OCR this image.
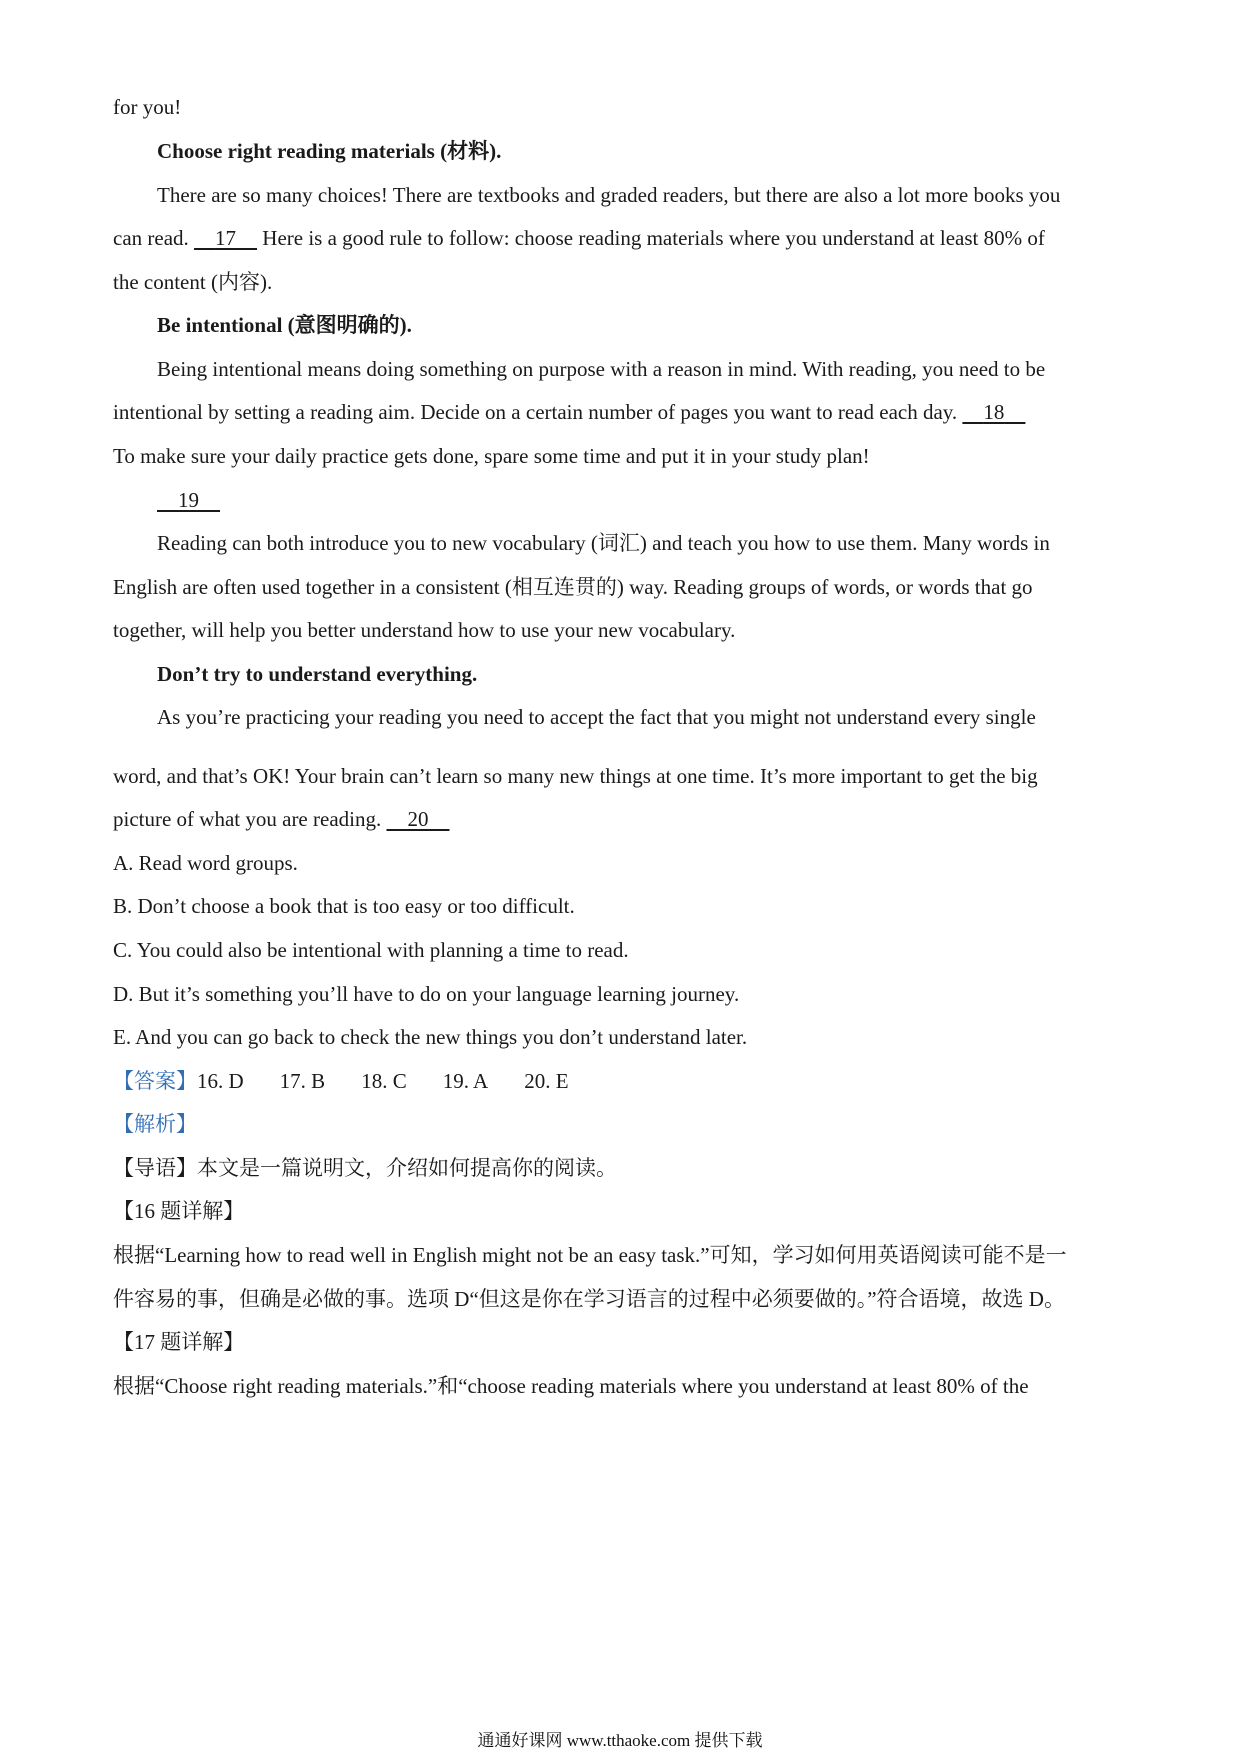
for you!
Choose right reading materials (材料).
There are so many choices! There are textbooks and graded readers, but there are also a lot more books you
can read.     17     Here is a good rule to follow: choose reading materials where you understand at least 80% of
the content (内容).
Be intentional (意图明确的).
Being intentional means doing something on purpose with a reason in mind. With reading, you need to be
intentional by setting a reading aim. Decide on a certain number of pages you want to read each day.     18
To make sure your daily practice gets done, spare some time and put it in your study plan!
19
Reading can both introduce you to new vocabulary (词汇) and teach you how to use them. Many words in
English are often used together in a consistent (相互连贯的) way. Reading groups of words, or words that go
together, will help you better understand how to use your new vocabulary.
Don’t try to understand everything.
As you’re practicing your reading you need to accept the fact that you might not understand every single
word, and that’s OK! Your brain can’t learn so many new things at one time. It’s more important to get the big
picture of what you are reading.     20
A. Read word groups.
B. Don’t choose a book that is too easy or too difficult.
C. You could also be intentional with planning a time to read.
D. But it’s something you’ll have to do on your language learning journey.
E. And you can go back to check the new things you don’t understand later.
【答案】16. D 17. B 18. C 19. A 20. E
【解析】
【导语】本文是一篇说明文，介绍如何提高你的阅读。
【16 题详解】
根据“Learning how to read well in English might not be an easy task.”可知，学习如何用英语阅读可能不是一
件容易的事，但确是必做的事。选项 D“但这是你在学习语言的过程中必须要做的。”符合语境，故选 D。
【17 题详解】
根据“Choose right reading materials.”和“choose reading materials where you understand at least 80% of the
通通好课网 www.tthaoke.com 提供下载
